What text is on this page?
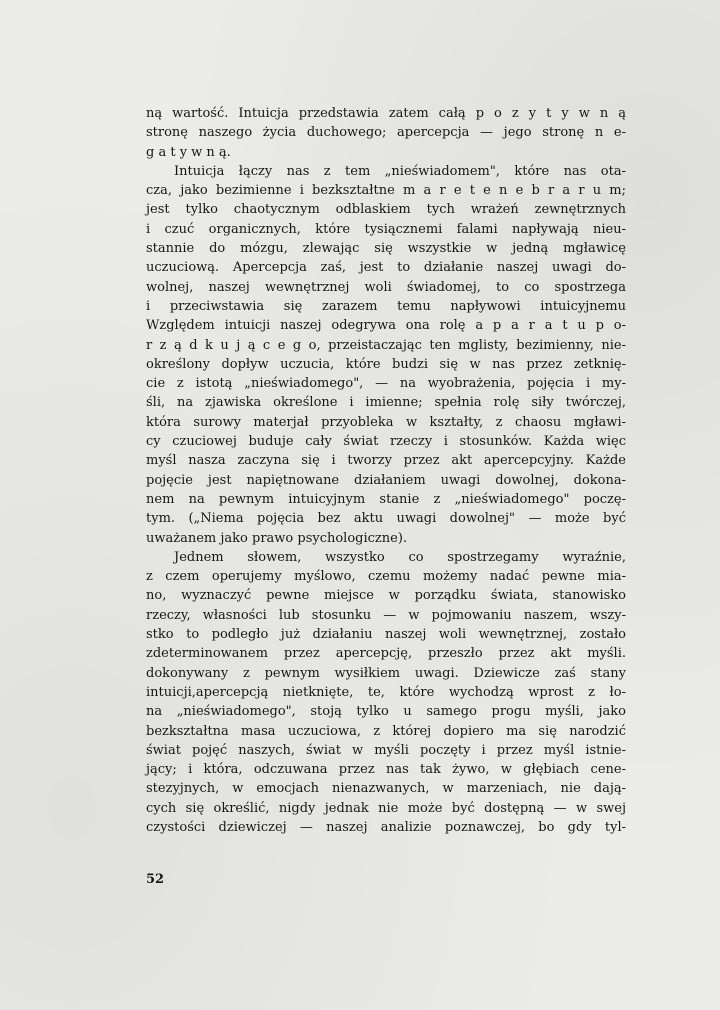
ną wartość. Intuicja przedstawia zatem całą p o z y t y w n ą
stronę naszego życia duchowego; apercepcja — jego stronę n e-
g a t y w n ą.
Intuicja łączy nas z tem „nieświadomem", które nas ota-
cza, jako bezimienne i bezkształtne m a r e t e n e b r a r u m;
jest tylko chaotycznym odblaskiem tych wrażeń zewnętrznych
i czuć organicznych, które tysiącznemi falami napływają nieu-
stannie do mózgu, zlewając się wszystkie w jedną mgławicę
uczuciową. Apercepcja zaś, jest to działanie naszej uwagi do-
wolnej, naszej wewnętrznej woli świadomej, to co spostrzega
i przeciwstawia się zarazem temu napływowi intuicyjnemu
Względem intuicji naszej odegrywa ona rolę a p a r a t u p o-
r z ą d k u j ą c e g o, przeistaczając ten mglisty, bezimienny, nie-
określony dopływ uczucia, które budzi się w nas przez zetknię-
cie z istotą „nieświadomego", — na wyobrażenia, pojęcia i my-
śli, na zjawiska określone i imienne; spełnia rolę siły twórczej,
która surowy materjał przyobleka w kształty, z chaosu mgławi-
cy czuciowej buduje cały świat rzeczy i stosunków. Każda więc
myśl nasza zaczyna się i tworzy przez akt apercepcyjny. Każde
pojęcie jest napiętnowane działaniem uwagi dowolnej, dokona-
nem na pewnym intuicyjnym stanie z „nieświadomego" poczę-
tym. („Niema pojęcia bez aktu uwagi dowolnej" — może być
uważanem jako prawo psychologiczne).
Jednem słowem, wszystko co spostrzegamy wyraźnie,
z czem operujemy myślowo, czemu możemy nadać pewne mia-
no, wyznaczyć pewne miejsce w porządku świata, stanowisko
rzeczy, własności lub stosunku — w pojmowaniu naszem, wszy-
stko to podległo już działaniu naszej woli wewnętrznej, zostało
zdeterminowanem przez apercepcję, przeszło przez akt myśli.
dokonywany z pewnym wysiłkiem uwagi. Dziewicze zaś stany
intuicji,apercepcją nietknięte, te, które wychodzą wprost z ło-
na „nieświadomego", stoją tylko u samego progu myśli, jako
bezkształtna masa uczuciowa, z której dopiero ma się narodzić
świat pojęć naszych, świat w myśli poczęty i przez myśl istnie-
jący; i która, odczuwana przez nas tak żywo, w głębiach cene-
stezyjnych, w emocjach nienazwanych, w marzeniach, nie dają-
cych się określić, nigdy jednak nie może być dostępną — w swej
czystości dziewiczej — naszej analizie poznawczej, bo gdy tyl-
52
